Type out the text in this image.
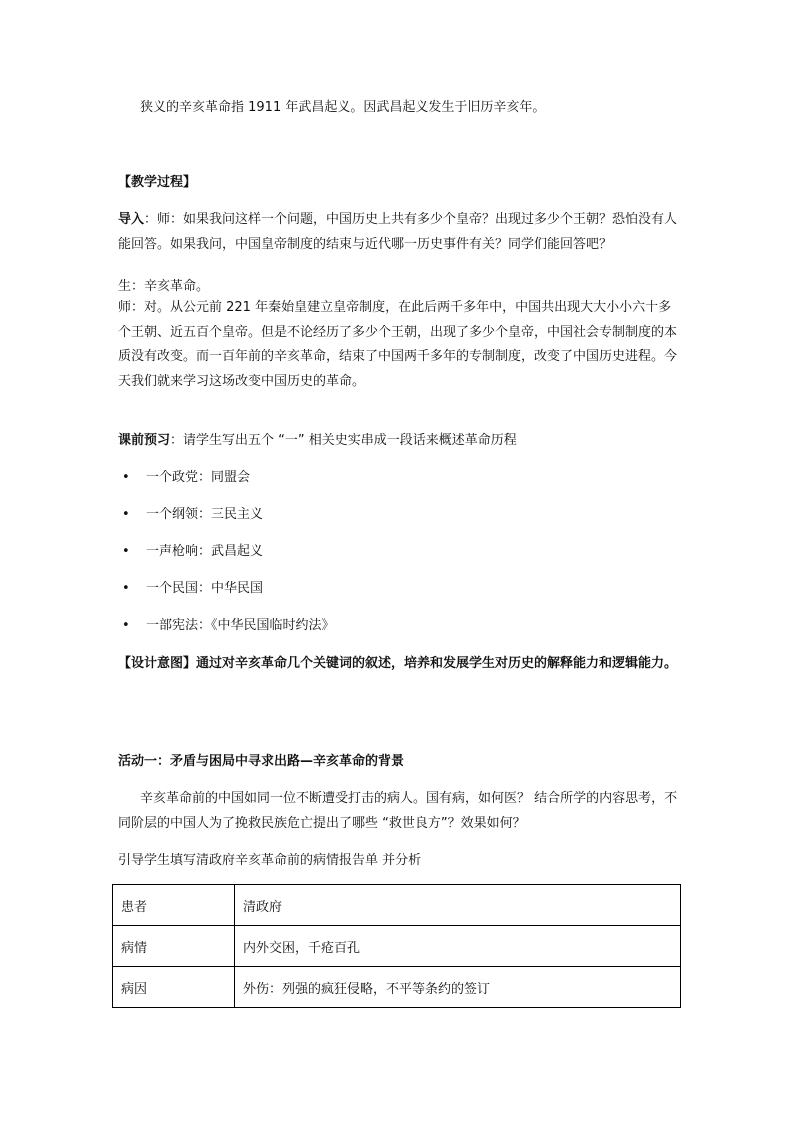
狭义的辛亥革命指 1911 年武昌起义。因武昌起义发生于旧历辛亥年。
【教学过程】
导入：师：如果我问这样一个问题，中国历史上共有多少个皇帝？出现过多少个王朝？恐怕没有人能回答。如果我问，中国皇帝制度的结束与近代哪一历史事件有关？同学们能回答吧？
生：辛亥革命。
师：对。从公元前 221 年秦始皇建立皇帝制度，在此后两千多年中，中国共出现大大小小六十多个王朝、近五百个皇帝。但是不论经历了多少个王朝，出现了多少个皇帝，中国社会专制制度的本质没有改变。而一百年前的辛亥革命，结束了中国两千多年的专制制度，改变了中国历史进程。今天我们就来学习这场改变中国历史的革命。
课前预习：请学生写出五个 “一” 相关史实串成一段话来概述革命历程
• 一个政党：同盟会
• 一个纲领：三民主义
• 一声枪响：武昌起义
• 一个民国：中华民国
• 一部宪法：《中华民国临时约法》
【设计意图】通过对辛亥革命几个关键词的叙述，培养和发展学生对历史的解释能力和逻辑能力。
活动一：矛盾与困局中寻求出路—辛亥革命的背景
辛亥革命前的中国如同一位不断遭受打击的病人。国有病，如何医？ 结合所学的内容思考，不同阶层的中国人为了挽救民族危亡提出了哪些 “救世良方”？效果如何？
引导学生填写清政府辛亥革命前的病情报告单 并分析
患者	清政府
病情	内外交困，千疮百孔
病因	外伤：列强的疯狂侵略，不平等条约的签订
